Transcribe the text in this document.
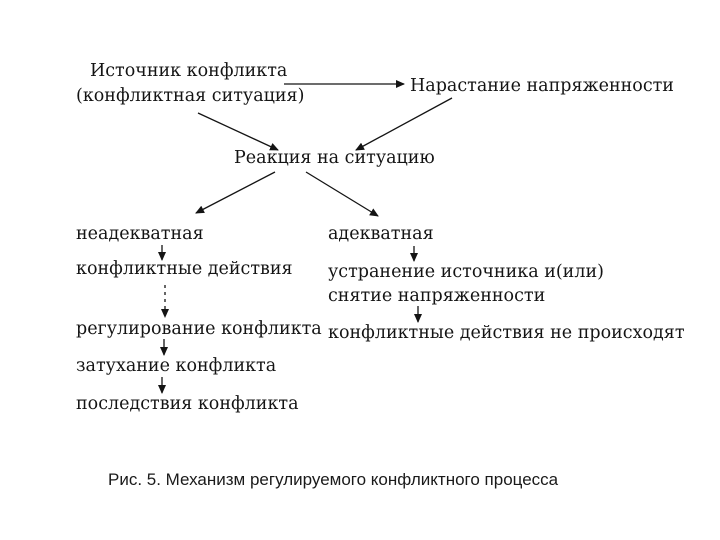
Источник конфликта
(конфликтная ситуация)	Нарастание напряженности
Реакция на ситуацию
неадекватная
конфликтные действия
регулирование конфликта
затухание конфликта
последствия конфликта
адекватная
устранение источника и(или)
снятие напряженности
конфликтные действия не происходят
Рис. 5. Механизм регулируемого конфликтного процесса
